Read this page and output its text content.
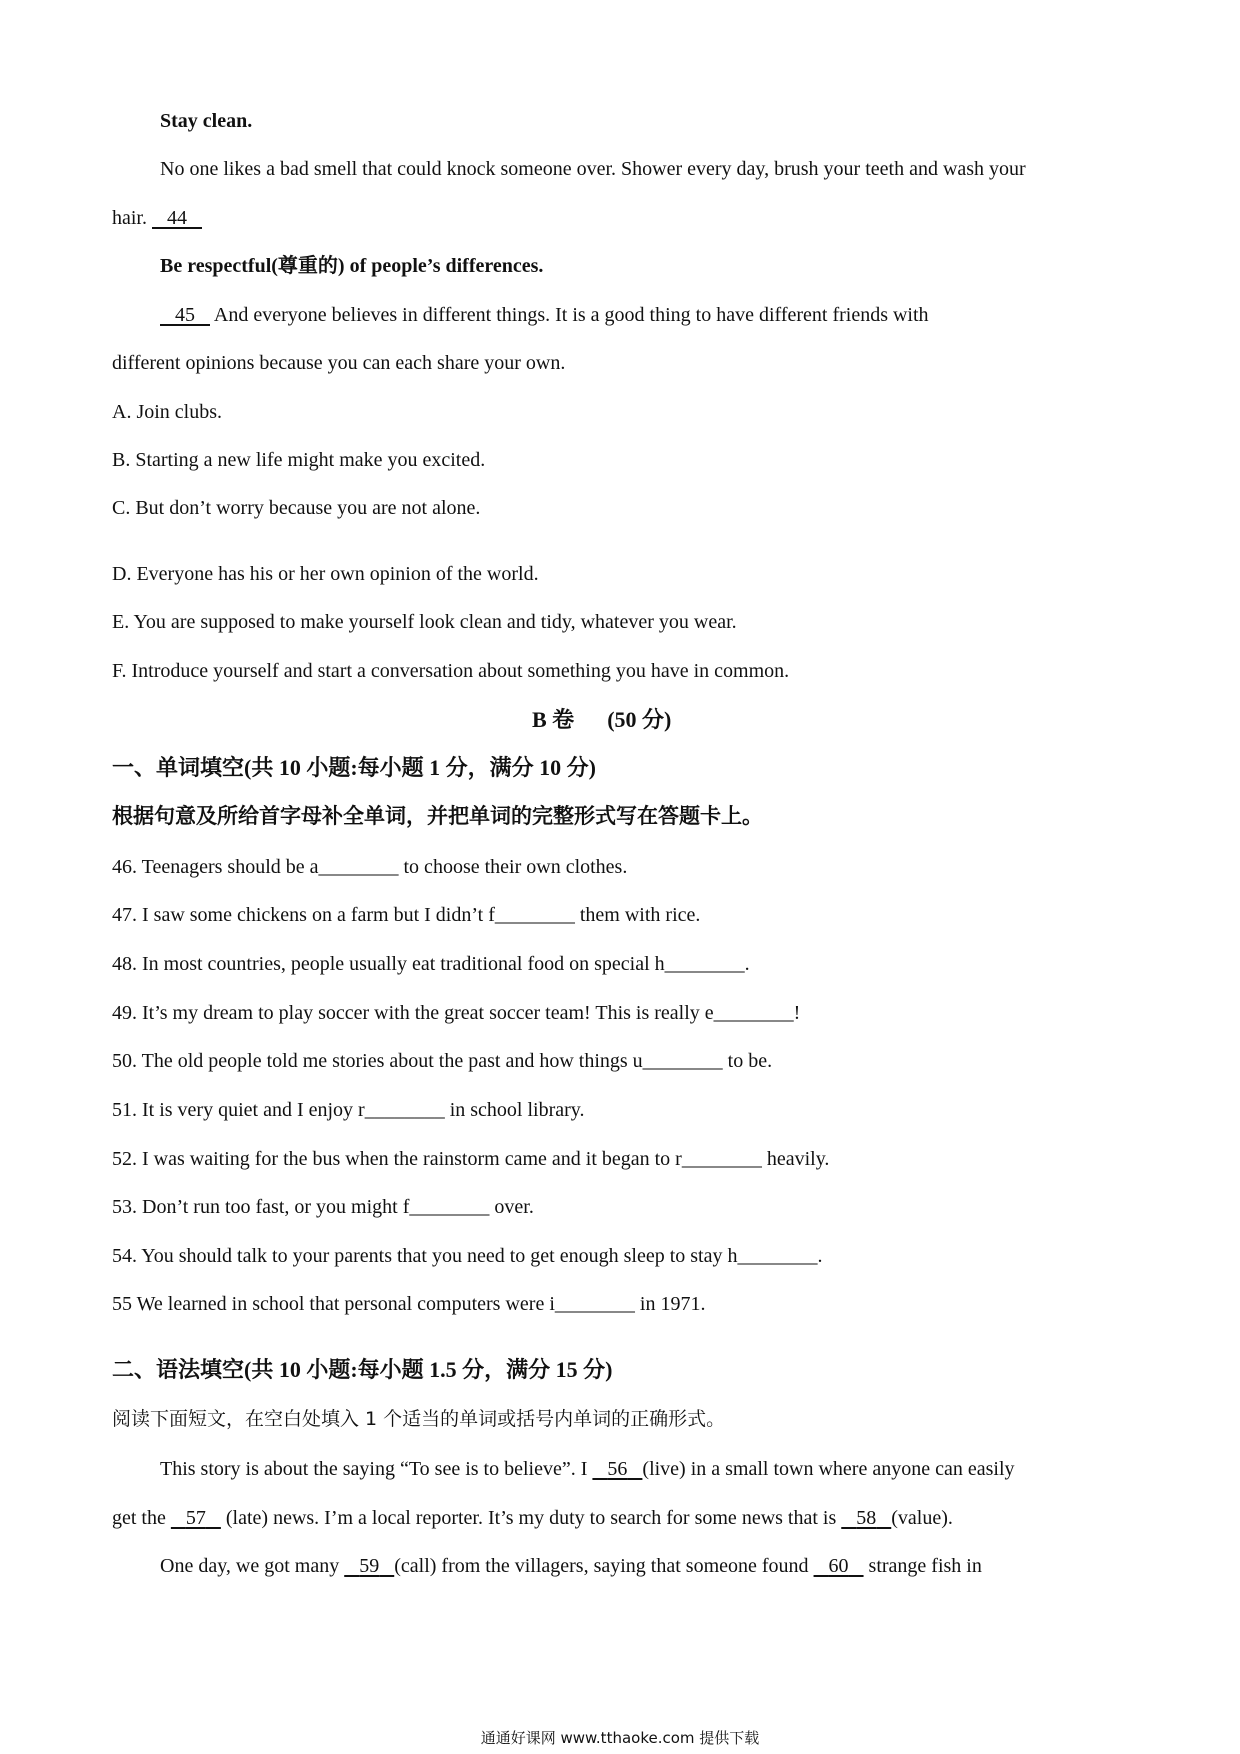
Stay clean.
No one likes a bad smell that could knock someone over. Shower every day, brush your teeth and wash your
hair. 44
Be respectful(尊重的) of people’s differences.
45 And everyone believes in different things. It is a good thing to have different friends with
different opinions because you can each share your own.
A. Join clubs.
B. Starting a new life might make you excited.
C. But don’t worry because you are not alone.
D. Everyone has his or her own opinion of the world.
E. You are supposed to make yourself look clean and tidy, whatever you wear.
F. Introduce yourself and start a conversation about something you have in common.
B 卷 (50 分)
一、单词填空(共 10 小题:每小题 1 分，满分 10 分)
根据句意及所给首字母补全单词，并把单词的完整形式写在答题卡上。
46. Teenagers should be a________ to choose their own clothes.
47. I saw some chickens on a farm but I didn’t f________ them with rice.
48. In most countries, people usually eat traditional food on special h________.
49. It’s my dream to play soccer with the great soccer team! This is really e________!
50. The old people told me stories about the past and how things u________ to be.
51. It is very quiet and I enjoy r________ in school library.
52. I was waiting for the bus when the rainstorm came and it began to r________ heavily.
53. Don’t run too fast, or you might f________ over.
54. You should talk to your parents that you need to get enough sleep to stay h________.
55 We learned in school that personal computers were i________ in 1971.
二、语法填空(共 10 小题:每小题 1.5 分，满分 15 分)
阅读下面短文，在空白处填入 1 个适当的单词或括号内单词的正确形式。
This story is about the saying “To see is to believe”. I 56 (live) in a small town where anyone can easily
get the 57 (late) news. I’m a local reporter. It’s my duty to search for some news that is 58 (value).
One day, we got many 59 (call) from the villagers, saying that someone found 60 strange fish in
通通好课网 www.tthaoke.com 提供下载
